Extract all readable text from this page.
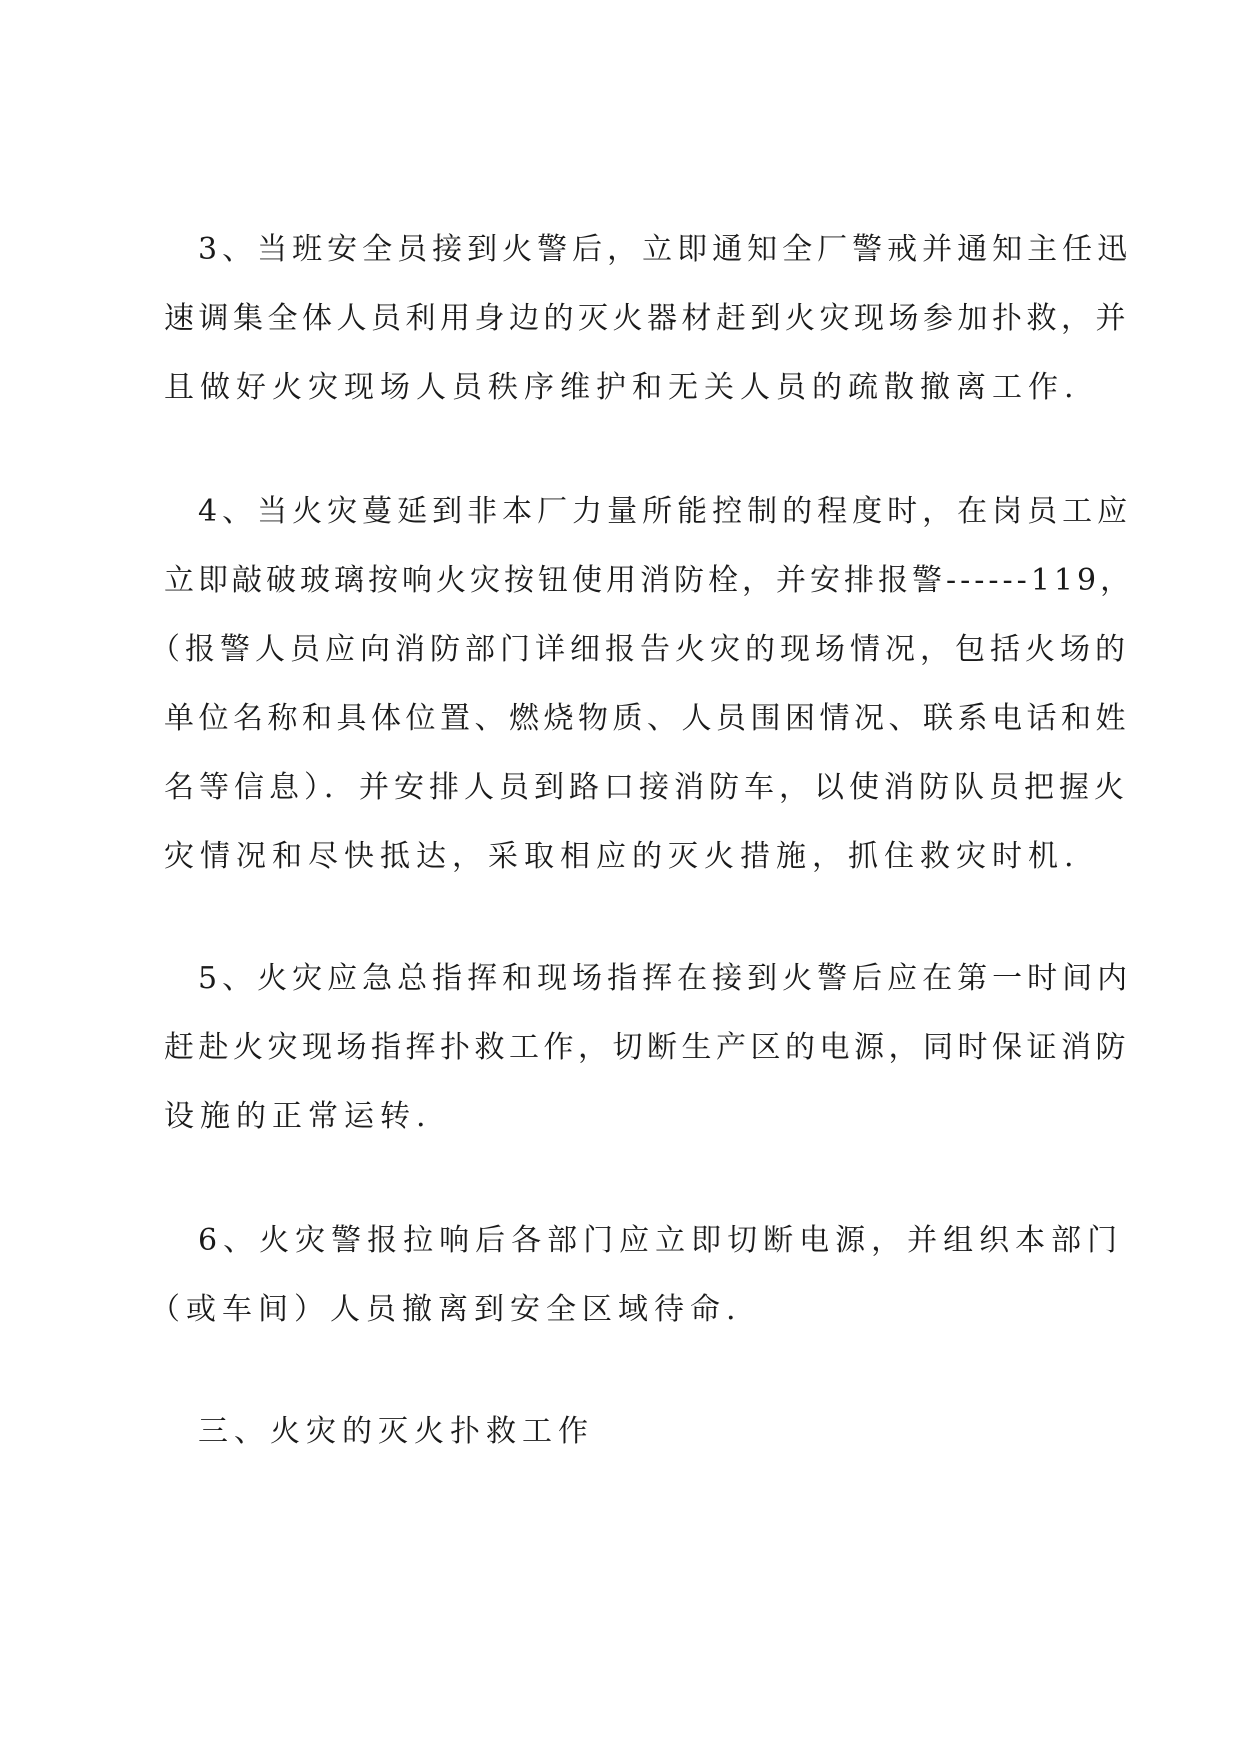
3、当班安全员接到火警后，立即通知全厂警戒并通知主任迅
速调集全体人员利用身边的灭火器材赶到火灾现场参加扑救，并
且做好火灾现场人员秩序维护和无关人员的疏散撤离工作.
4、当火灾蔓延到非本厂力量所能控制的程度时，在岗员工应
立即敲破玻璃按响火灾按钮使用消防栓，并安排报警------119，
（报警人员应向消防部门详细报告火灾的现场情况，包括火场的
单位名称和具体位置、燃烧物质、人员围困情况、联系电话和姓
名等信息）．并安排人员到路口接消防车，以使消防队员把握火
灾情况和尽快抵达，采取相应的灭火措施，抓住救灾时机.
5、火灾应急总指挥和现场指挥在接到火警后应在第一时间内
赶赴火灾现场指挥扑救工作，切断生产区的电源，同时保证消防
设施的正常运转.
6、火灾警报拉响后各部门应立即切断电源，并组织本部门
（或车间）人员撤离到安全区域待命.
三、火灾的灭火扑救工作
